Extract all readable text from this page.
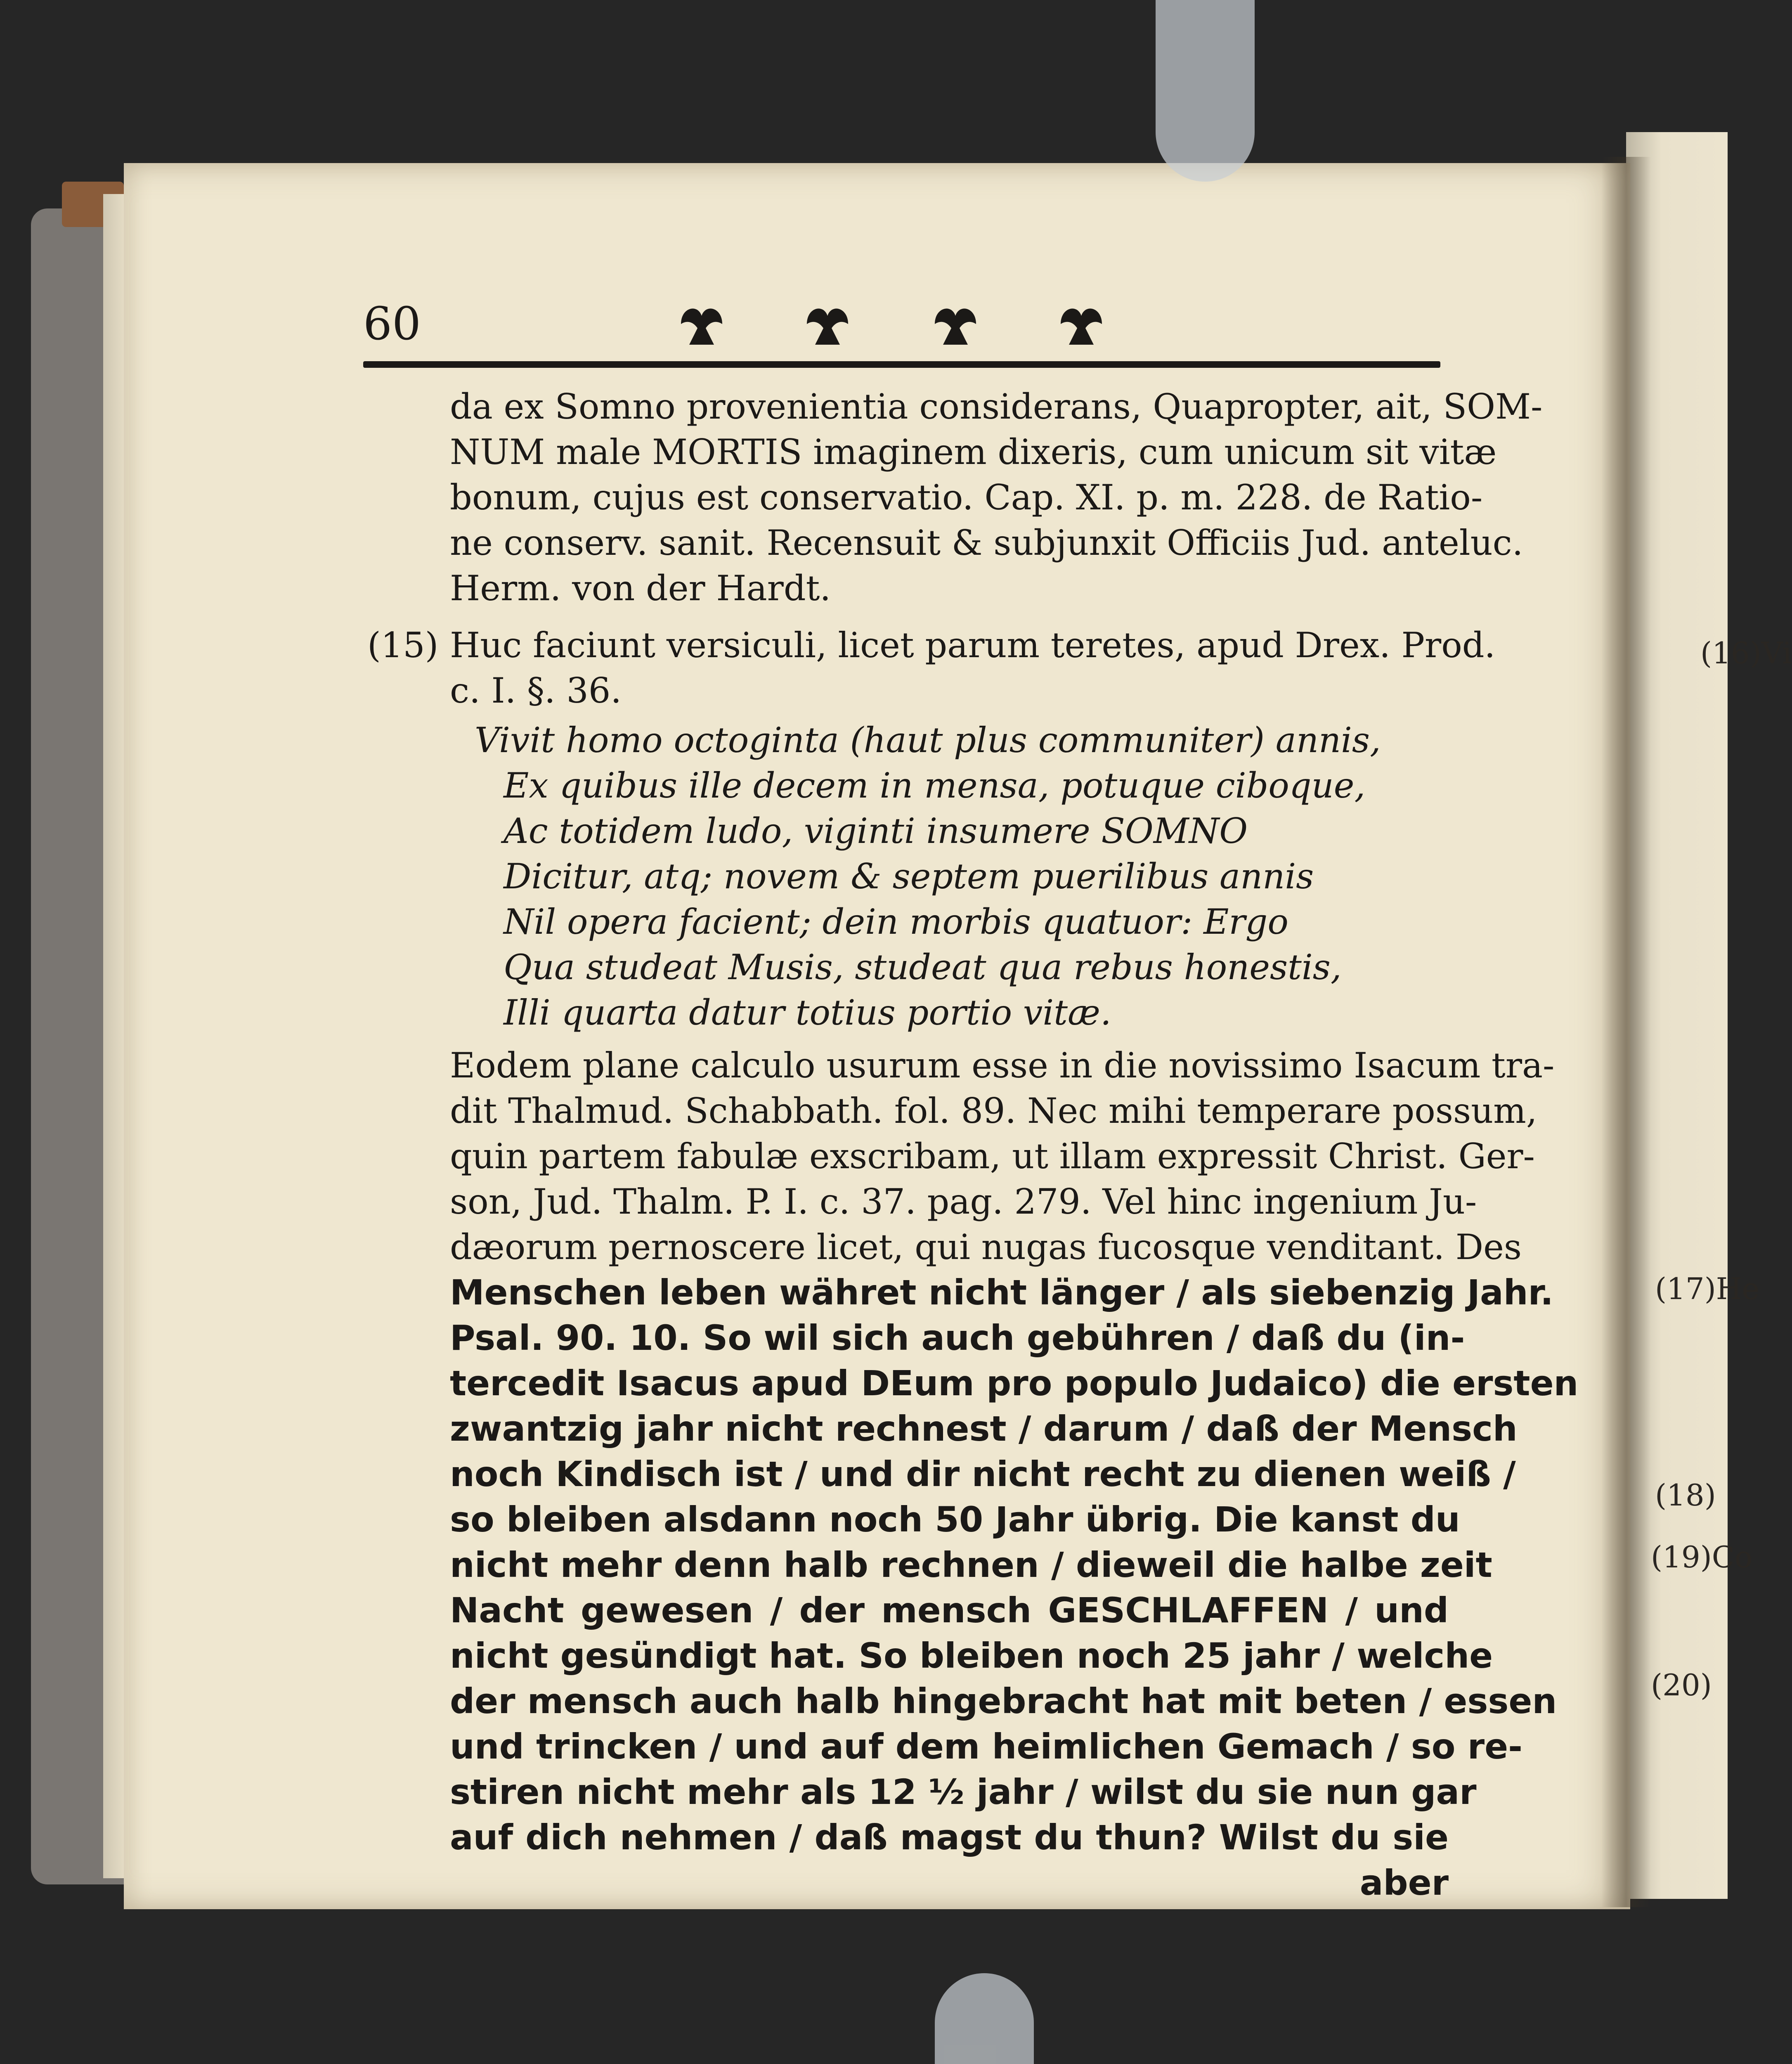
60
da ex Somno provenientia considerans, Quapropter, ait, SOM-
NUM male MORTIS imaginem dixeris, cum unicum sit vitæ
bonum, cujus est conservatio. Cap. XI. p. m. 228. de Ratio-
ne conserv. sanit. Recensuit & subjunxit Officiis Jud. anteluc.
Herm. von der Hardt.
(15) Huc faciunt versiculi, licet parum teretes, apud Drex. Prod.
c. I. §. 36.
Vivit homo octoginta (haut plus communiter) annis,
Ex quibus ille decem in mensa, potuque ciboque,
Ac totidem ludo, viginti insumere SOMNO
Dicitur, atq; novem & septem puerilibus annis
Nil opera facient; dein morbis quatuor: Ergo
Qua studeat Musis, studeat qua rebus honestis,
Illi quarta datur totius portio vitæ.
Eodem plane calculo usurum esse in die novissimo Isacum tra-
dit Thalmud. Schabbath. fol. 89. Nec mihi temperare possum,
quin partem fabulæ exscribam, ut illam expressit Christ. Ger-
son, Jud. Thalm. P. I. c. 37. pag. 279. Vel hinc ingenium Ju-
dæorum pernoscere licet, qui nugas fucosque venditant. Des
Menschen leben währet nicht länger / als siebenzig Jahr.
Psal. 90. 10. So wil sich auch gebühren / daß du (in-
tercedit Isacus apud DEum pro populo Judaico) die ersten
zwantzig jahr nicht rechnest / darum / daß der Mensch
noch Kindisch ist / und dir nicht recht zu dienen weiß /
so bleiben alsdann noch 50 Jahr übrig. Die kanst du
nicht mehr denn halb rechnen / dieweil die halbe zeit
Nacht gewesen / der mensch GESCHLAFFEN / und
nicht gesündigt hat. So bleiben noch 25 jahr / welche
der mensch auch halb hingebracht hat mit beten / essen
und trincken / und auf dem heimlichen Gemach / so re-
stiren nicht mehr als 12 ½ jahr / wilst du sie nun gar
auf dich nehmen / daß magst du thun? Wilst du sie
aber
(16)Vi
(17)He
(18)
(19)Co
(20)
